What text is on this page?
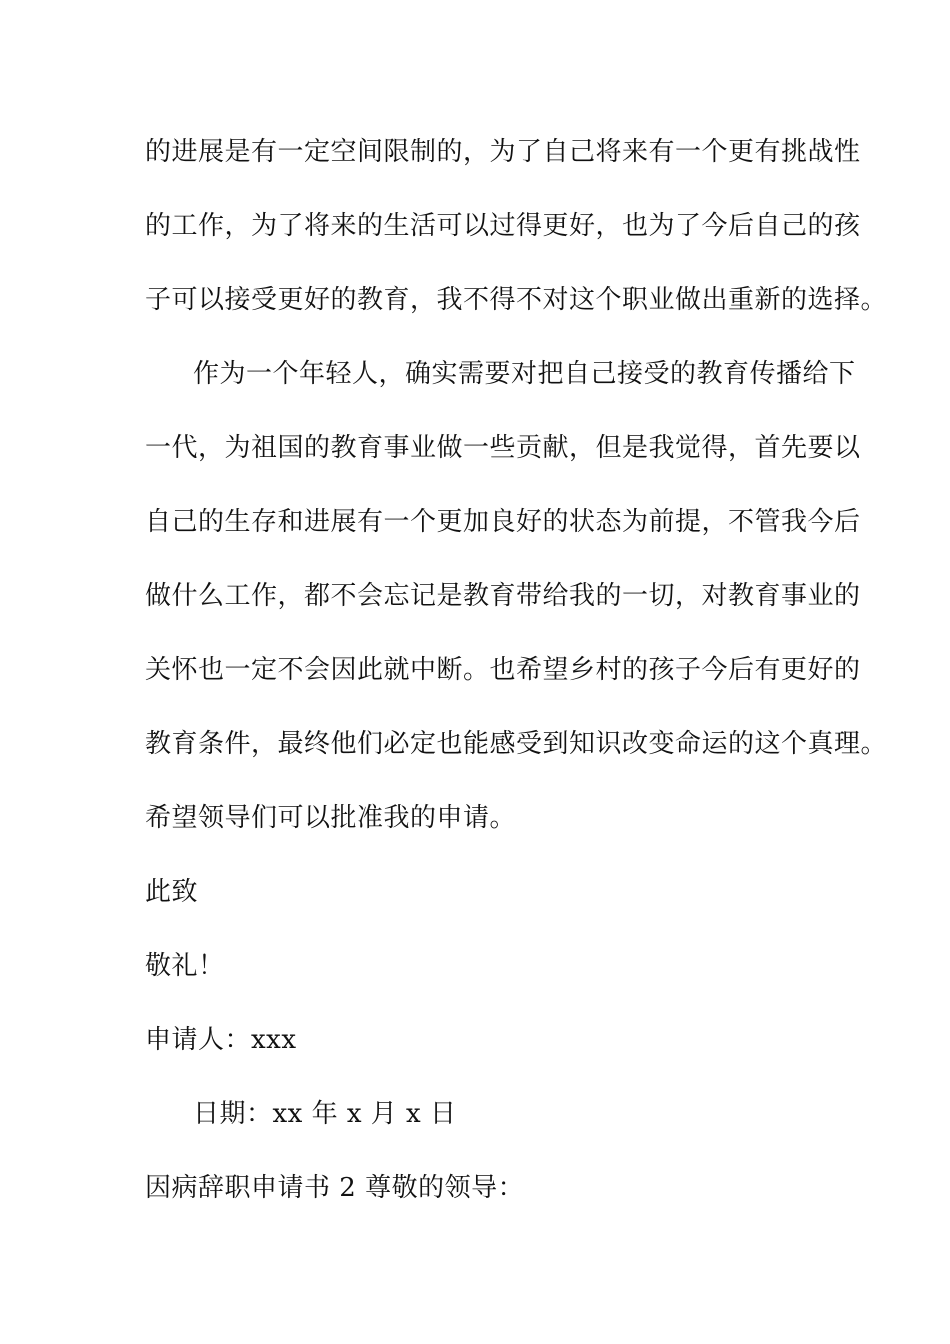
的进展是有一定空间限制的，为了自己将来有一个更有挑战性
的工作，为了将来的生活可以过得更好，也为了今后自己的孩
子可以接受更好的教育，我不得不对这个职业做出重新的选择。
作为一个年轻人，确实需要对把自己接受的教育传播给下
一代，为祖国的教育事业做一些贡献，但是我觉得，首先要以
自己的生存和进展有一个更加良好的状态为前提，不管我今后
做什么工作，都不会忘记是教育带给我的一切，对教育事业的
关怀也一定不会因此就中断。也希望乡村的孩子今后有更好的
教育条件，最终他们必定也能感受到知识改变命运的这个真理。
希望领导们可以批准我的申请。
此致
敬礼！
申请人：xxx
日期：xx 年 x 月 x 日
因病辞职申请书 2 尊敬的领导：
